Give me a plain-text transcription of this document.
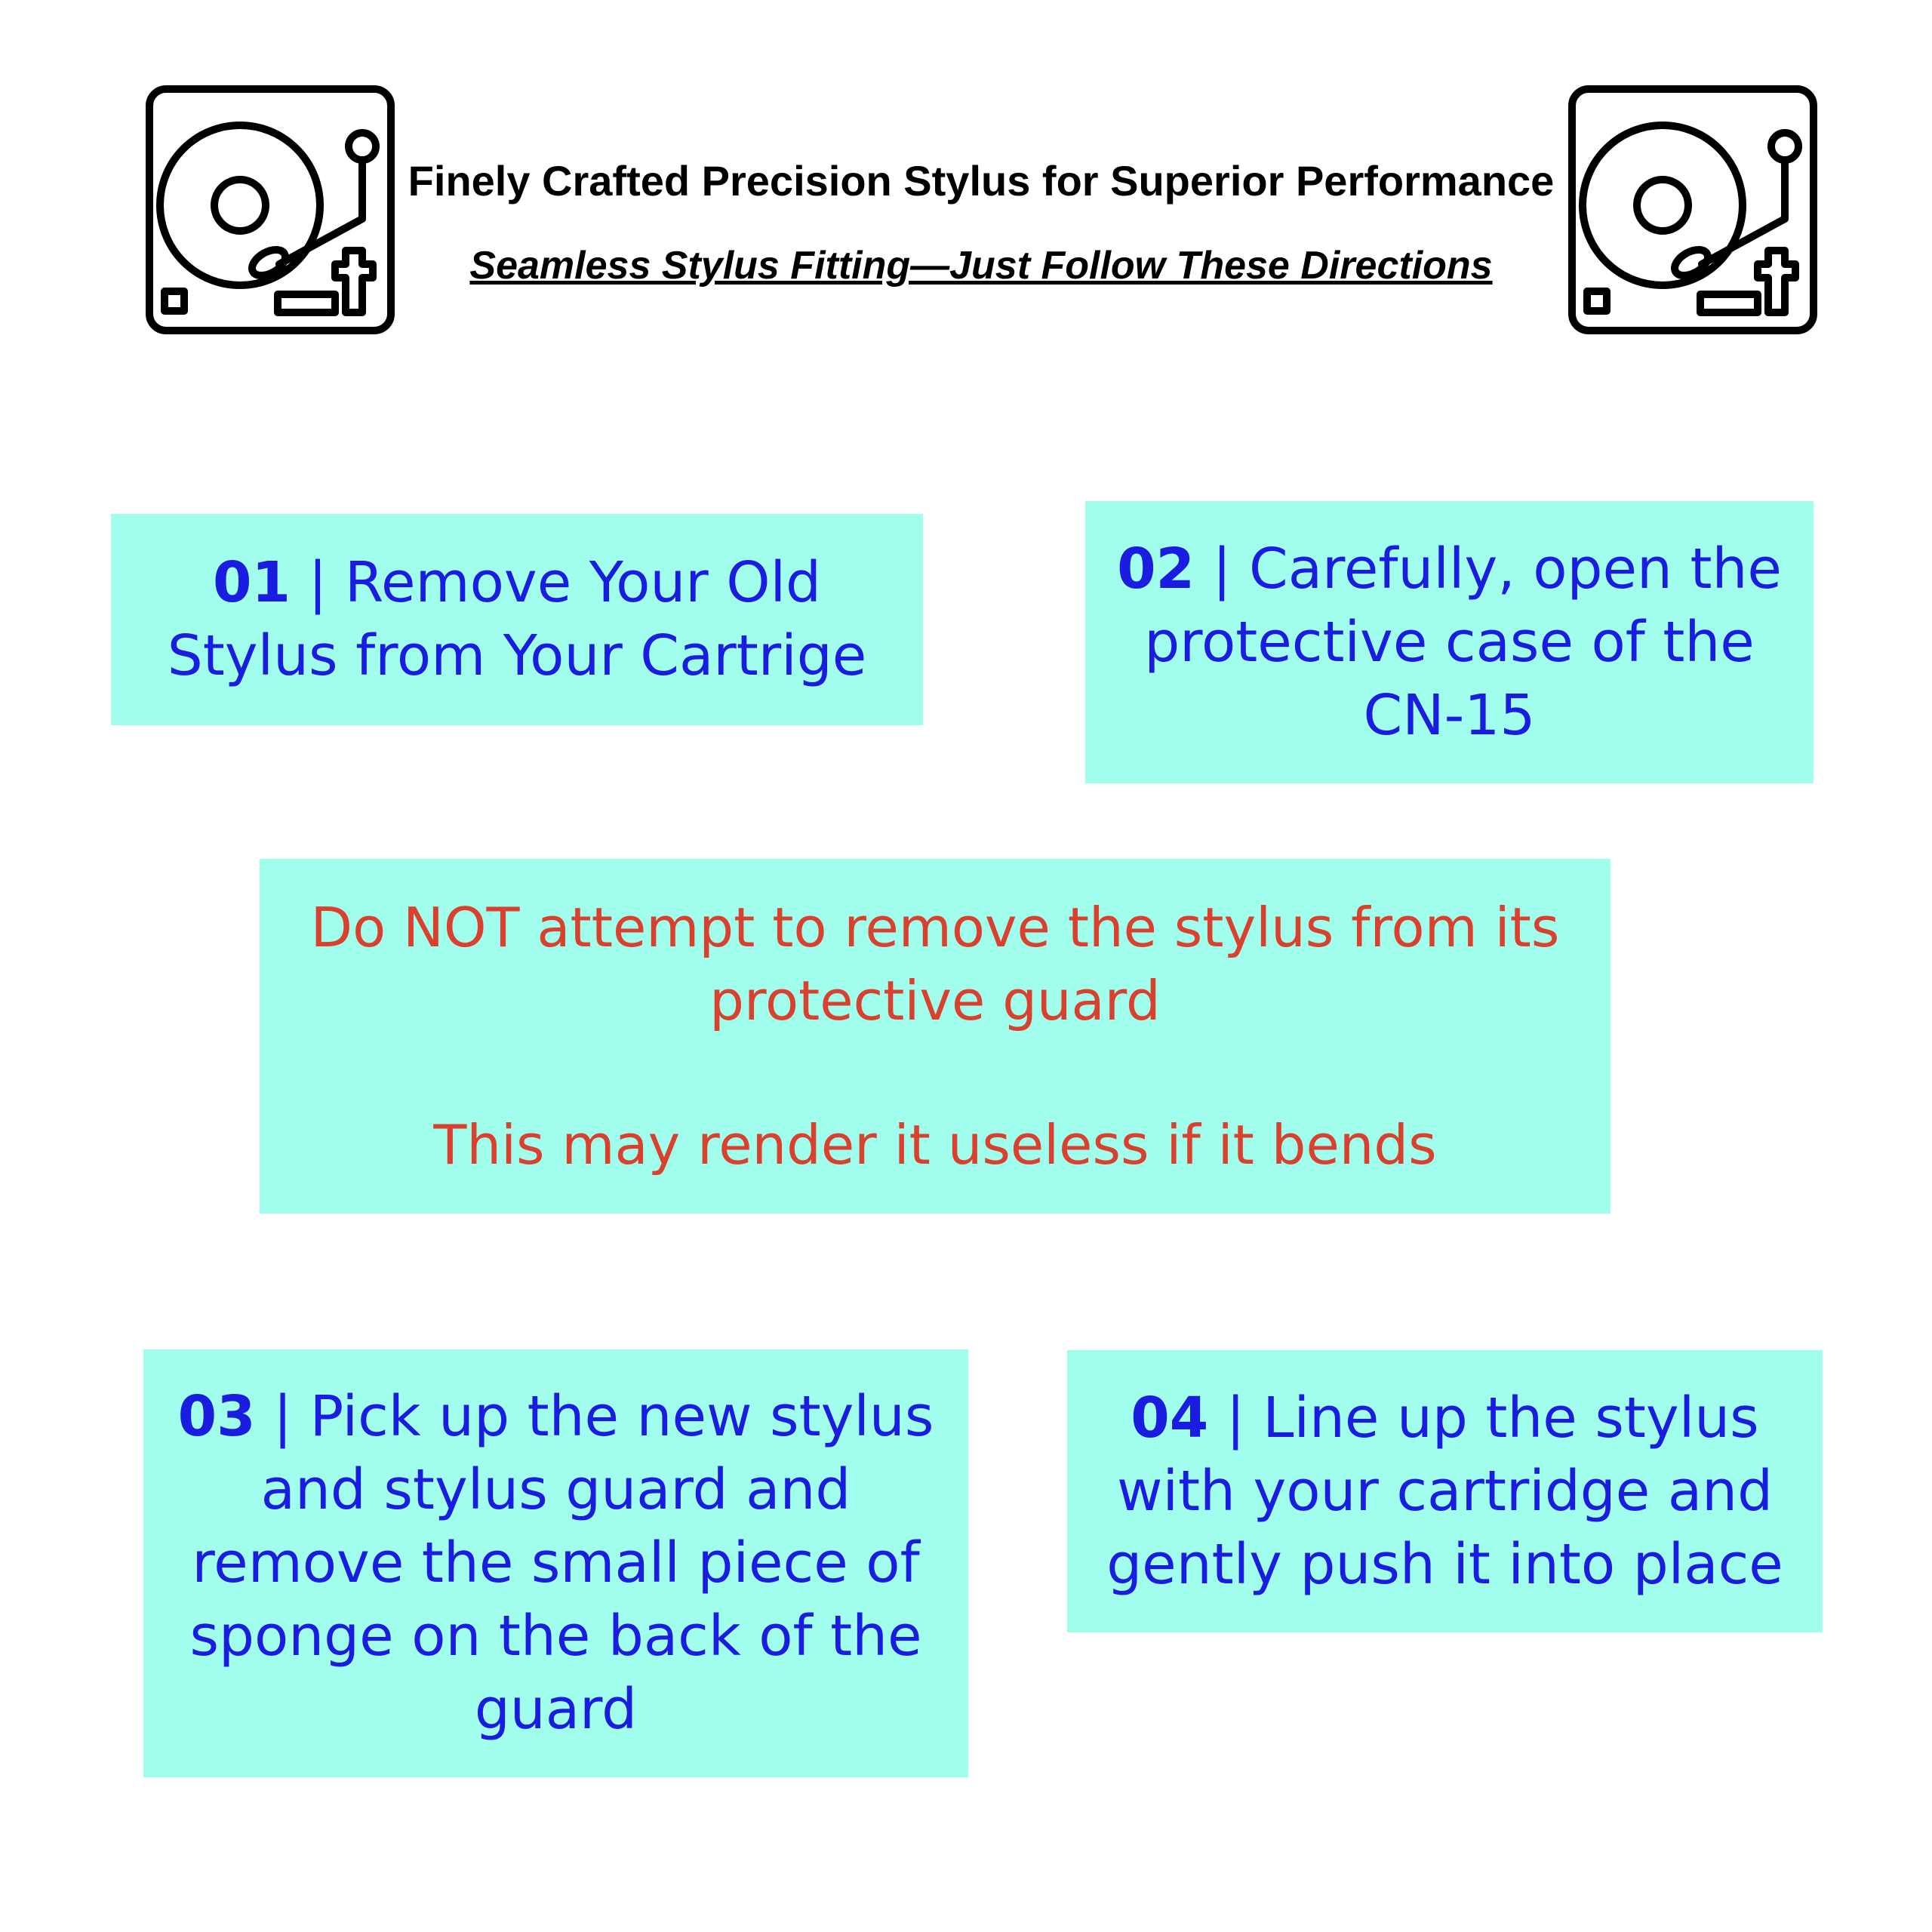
Finely Crafted Precision Stylus for Superior Performance
Seamless Stylus Fitting—Just Follow These Directions

01 | Remove Your Old Stylus from Your Cartrige

02 | Carefully, open the protective case of the CN-15

Do NOT attempt to remove the stylus from its protective guard

This may render it useless if it bends

03 | Pick up the new stylus and stylus guard and remove the small piece of sponge on the back of the guard

04 | Line up the stylus with your cartridge and gently push it into place
